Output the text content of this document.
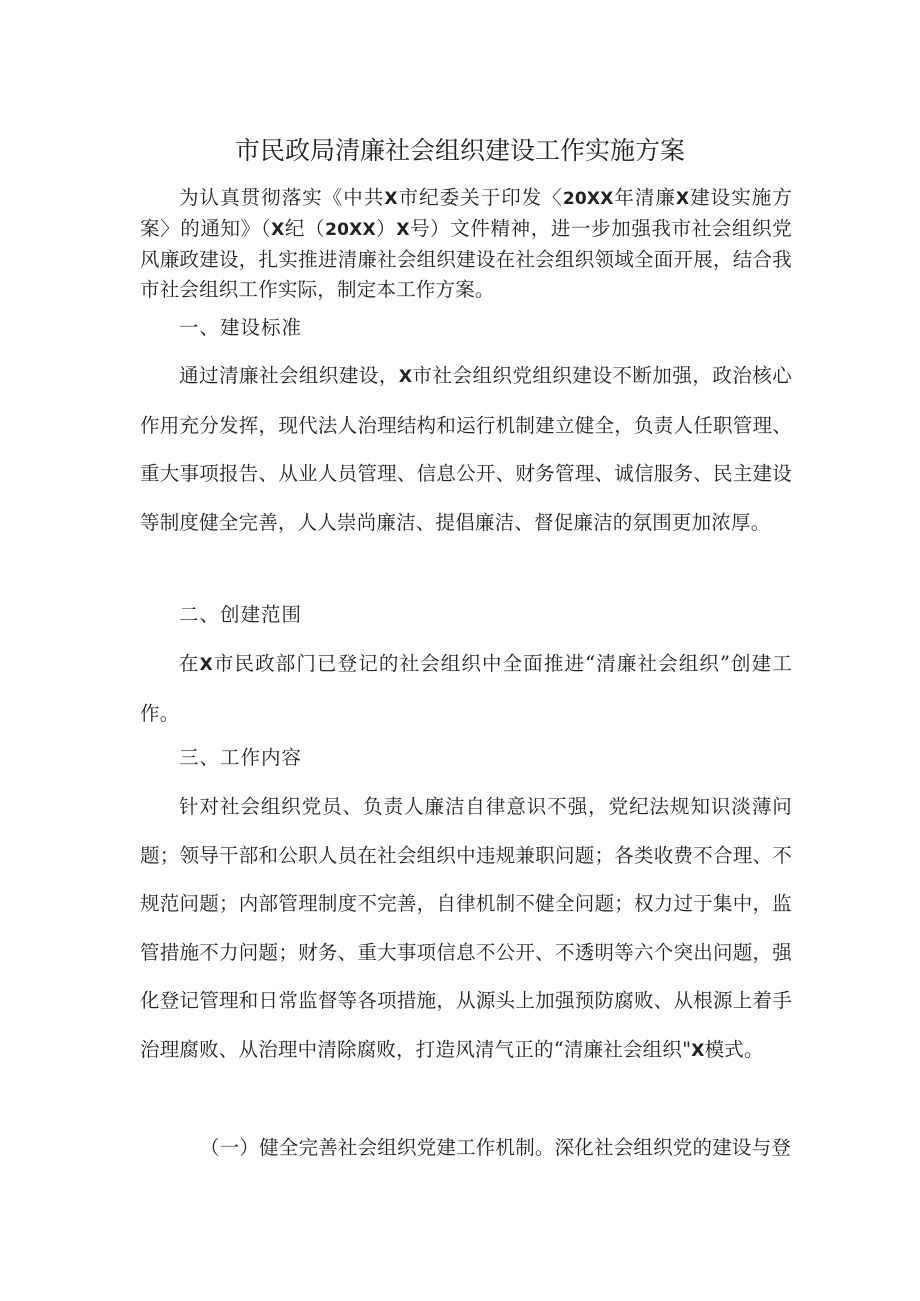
市民政局清廉社会组织建设工作实施方案
为认真贯彻落实《中共X市纪委关于印发〈20XX年清廉X建设实施方案〉的通知》（X纪（20XX）X号）文件精神，进一步加强我市社会组织党风廉政建设，扎实推进清廉社会组织建设在社会组织领域全面开展，结合我市社会组织工作实际，制定本工作方案。
一、建设标准
通过清廉社会组织建设，X市社会组织党组织建设不断加强，政治核心作用充分发挥，现代法人治理结构和运行机制建立健全，负责人任职管理、重大事项报告、从业人员管理、信息公开、财务管理、诚信服务、民主建设等制度健全完善，人人崇尚廉洁、提倡廉洁、督促廉洁的氛围更加浓厚。
二、创建范围
在X市民政部门已登记的社会组织中全面推进“清廉社会组织”创建工作。
三、工作内容
针对社会组织党员、负责人廉洁自律意识不强，党纪法规知识淡薄问题；领导干部和公职人员在社会组织中违规兼职问题；各类收费不合理、不规范问题；内部管理制度不完善，自律机制不健全问题；权力过于集中，监管措施不力问题；财务、重大事项信息不公开、不透明等六个突出问题，强化登记管理和日常监督等各项措施，从源头上加强预防腐败、从根源上着手治理腐败、从治理中清除腐败，打造风清气正的“清廉社会组织"X模式。
（一）健全完善社会组织党建工作机制。深化社会组织党的建设与登
